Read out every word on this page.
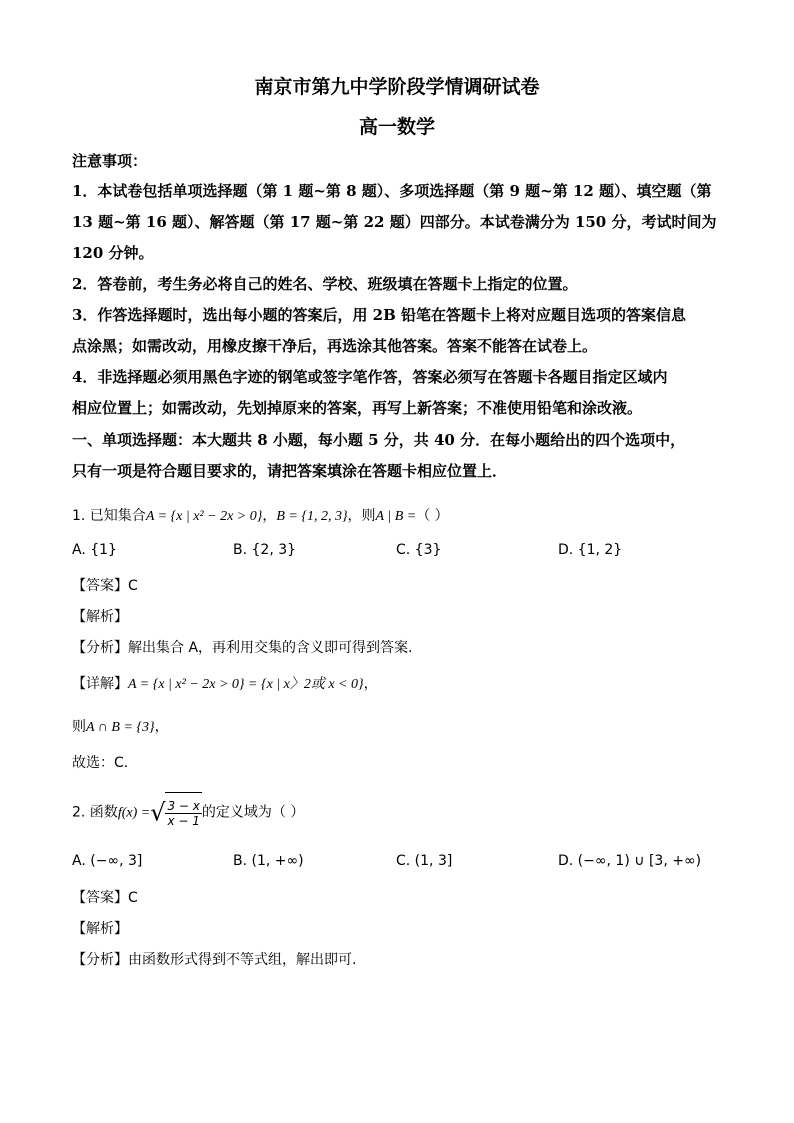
南京市第九中学阶段学情调研试卷
高一数学
注意事项：
1．本试卷包括单项选择题（第 1 题~第 8 题）、多项选择题（第 9 题~第 12 题）、填空题（第
13 题~第 16 题）、解答题（第 17 题~第 22 题）四部分。本试卷满分为 150 分，考试时间为
120 分钟。
2．答卷前，考生务必将自己的姓名、学校、班级填在答题卡上指定的位置。
3．作答选择题时，选出每小题的答案后，用 2B 铅笔在答题卡上将对应题目选项的答案信息
点涂黑；如需改动，用橡皮擦干净后，再选涂其他答案。答案不能答在试卷上。
4．非选择题必须用黑色字迹的钢笔或签字笔作答，答案必须写在答题卡各题目指定区域内
相应位置上；如需改动，先划掉原来的答案，再写上新答案；不准使用铅笔和涂改液。
一、单项选择题：本大题共 8 小题，每小题 5 分，共 40 分．在每小题给出的四个选项中，
只有一项是符合题目要求的，请把答案填涂在答题卡相应位置上．
1. 已知集合A = {x | x² − 2x > 0}，B = {1, 2, 3}，则A | B =（ ）
A. {1}	B. {2, 3}	C. {3}	D. {1, 2}
【答案】C
【解析】
【分析】解出集合 A，再利用交集的含义即可得到答案.
【详解】A = {x | x² − 2x > 0} = {x | x〉2或 x < 0}，
则A ∩ B = {3}，
故选：C.
2. 函数f(x) =√ $\frac{3 - x}{x - 1}$ 的定义域为（ ）
A. (−∞, 3]	B. (1, +∞)	C. (1, 3]	D. (−∞, 1) ∪ [3, +∞)
【答案】C
【解析】
【分析】由函数形式得到不等式组，解出即可.
